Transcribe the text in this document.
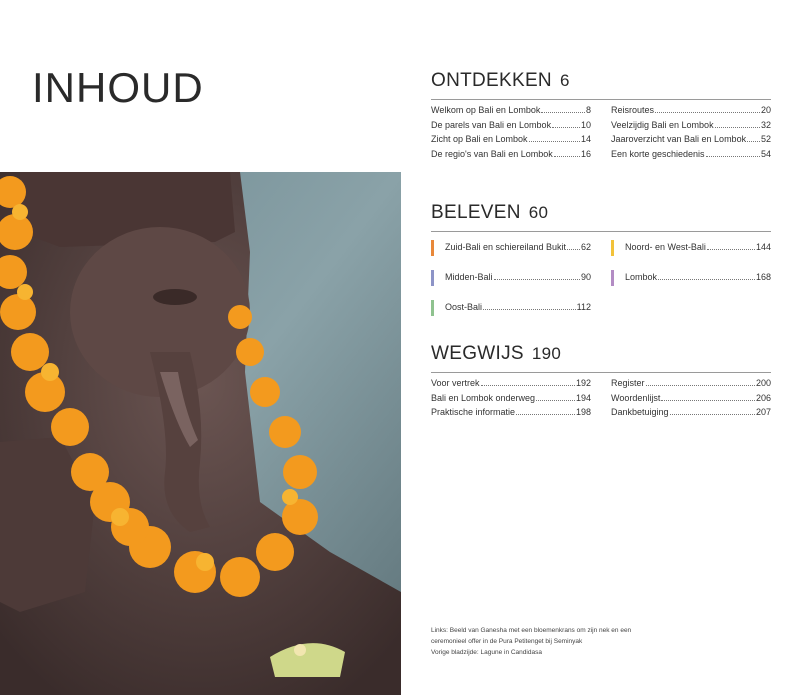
INHOUD	ONTDEKKEN 6
Welkom op Bali en Lombok	8
De parels van Bali en Lombok	10
Zicht op Bali en Lombok	14
De regio's van Bali en Lombok	16
Reisroutes	20
Veelzijdig Bali en Lombok	32
Jaaroverzicht van Bali en Lombok 52
Een korte geschiedenis	54
BELEVEN 60
Zuid-Bali en schiereiland Bukit 62
Midden-Bali	90
Oost-Bali	112
Noord- en West-Bali	144
Lombok	168
WEGWIJS 190
Voor vertrek	192
Bali en Lombok onderweg	194
Praktische informatie	198
Register	200
Woordenlijst	206
Dankbetuiging	207
Links: Beeld van Ganesha met een bloemenkrans om zijn nek en een
ceremonieel offer in de Pura Petitenget bij Seminyak
Vorige bladzijde: Lagune in Candidasa
